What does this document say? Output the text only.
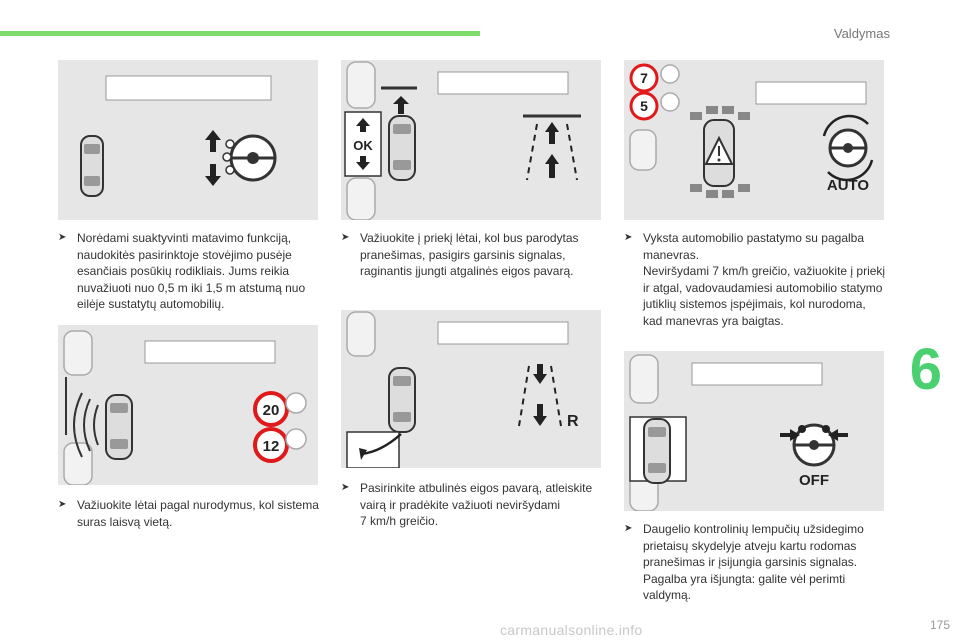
Valdymas
6
175
carmanualsonline.info
20
12
OK
R
7
5
AUTO
OFF
➤ Norėdami suaktyvinti matavimo funkciją, naudokitės pasirinktoje stovėjimo pusėje esančiais posūkių rodikliais. Jums reikia nuvažiuoti nuo 0,5 m iki 1,5 m atstumą nuo eilėje sustatytų automobilių.
➤ Važiuokite lėtai pagal nurodymus, kol sistema suras laisvą vietą.
➤ Važiuokite į priekį lėtai, kol bus parodytas pranešimas, pasigirs garsinis signalas, raginantis įjungti atgalinės eigos pavarą.
➤ Pasirinkite atbulinės eigos pavarą, atleiskite vairą ir pradėkite važiuoti neviršydami
7 km/h greičio.
➤ Vyksta automobilio pastatymo su pagalba manevras.
Neviršydami 7 km/h greičio, važiuokite į priekį ir atgal, vadovaudamiesi automobilio statymo jutiklių sistemos įspėjimais, kol nurodoma, kad manevras yra baigtas.
➤ Daugelio kontrolinių lempučių užsidegimo prietaisų skydelyje atveju kartu rodomas pranešimas ir įsijungia garsinis signalas. Pagalba yra išjungta: galite vėl perimti valdymą.
